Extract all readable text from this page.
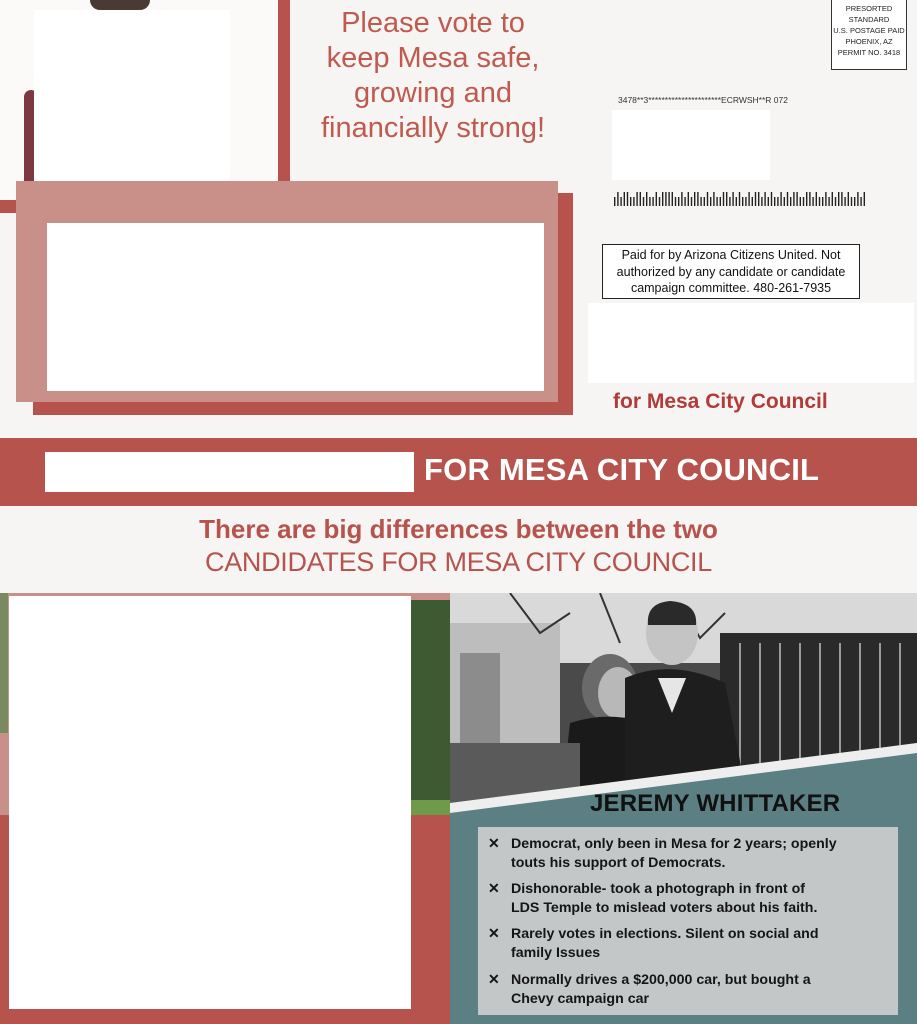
Please vote to
keep Mesa safe,
growing and
financially strong!
PRESORTED
STANDARD
U.S. POSTAGE PAID
PHOENIX, AZ
PERMIT NO. 3418
3478**3**********************ECRWSH**R 072
Paid for by Arizona Citizens United. Not
authorized by any candidate or candidate
campaign committee. 480-261-7935
for Mesa City Council
FOR MESA CITY COUNCIL
There are big differences between the two
CANDIDATES FOR MESA CITY COUNCIL
JEREMY WHITTAKER
✕ Democrat, only been in Mesa for 2 years; openly
touts his support of Democrats.
✕ Dishonorable- took a photograph in front of
LDS Temple to mislead voters about his faith.
✕ Rarely votes in elections. Silent on social and
family Issues
✕ Normally drives a $200,000 car, but bought a
Chevy campaign car
